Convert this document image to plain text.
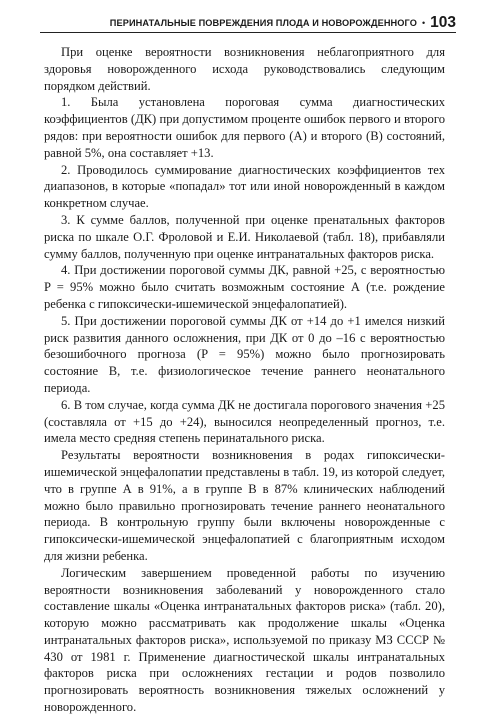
ПЕРИНАТАЛЬНЫЕ ПОВРЕЖДЕНИЯ ПЛОДА И НОВОРОЖДЕННОГО • 103

При оценке вероятности возникновения неблагоприятного для здоровья новорожденного исхода руководствовались следующим порядком действий.

1. Была установлена пороговая сумма диагностических коэффициентов (ДК) при допустимом проценте ошибок первого и второго рядов: при вероятности ошибок для первого (А) и второго (В) состояний, равной 5%, она составляет +13.

2. Проводилось суммирование диагностических коэффициентов тех диапазонов, в которые «попадал» тот или иной новорожденный в каждом конкретном случае.

3. К сумме баллов, полученной при оценке пренатальных факторов риска по шкале О.Г. Фроловой и Е.И. Николаевой (табл. 18), прибавляли сумму баллов, полученную при оценке интранатальных факторов риска.

4. При достижении пороговой суммы ДК, равной +25, с вероятностью P = 95% можно было считать возможным состояние А (т.е. рождение ребенка с гипоксически-ишемической энцефалопатией).

5. При достижении пороговой суммы ДК от +14 до +1 имелся низкий риск развития данного осложнения, при ДК от 0 до –16 с вероятностью безошибочного прогноза (P = 95%) можно было прогнозировать состояние В, т.е. физиологическое течение раннего неонатального периода.

6. В том случае, когда сумма ДК не достигала порогового значения +25 (составляла от +15 до +24), выносился неопределенный прогноз, т.е. имела место средняя степень перинатального риска.

Результаты вероятности возникновения в родах гипоксически-ишемической энцефалопатии представлены в табл. 19, из которой следует, что в группе А в 91%, а в группе В в 87% клинических наблюдений можно было правильно прогнозировать течение раннего неонатального периода. В контрольную группу были включены новорожденные с гипоксически-ишемической энцефалопатией с благоприятным исходом для жизни ребенка.

Логическим завершением проведенной работы по изучению вероятности возникновения заболеваний у новорожденного стало составление шкалы «Оценка интранатальных факторов риска» (табл. 20), которую можно рассматривать как продолжение шкалы «Оценка интранатальных факторов риска», используемой по приказу МЗ СССР № 430 от 1981 г. Применение диагностической шкалы интранатальных факторов риска при осложнениях гестации и родов позволило прогнозировать вероятность возникновения тяжелых осложнений у новорожденного.
